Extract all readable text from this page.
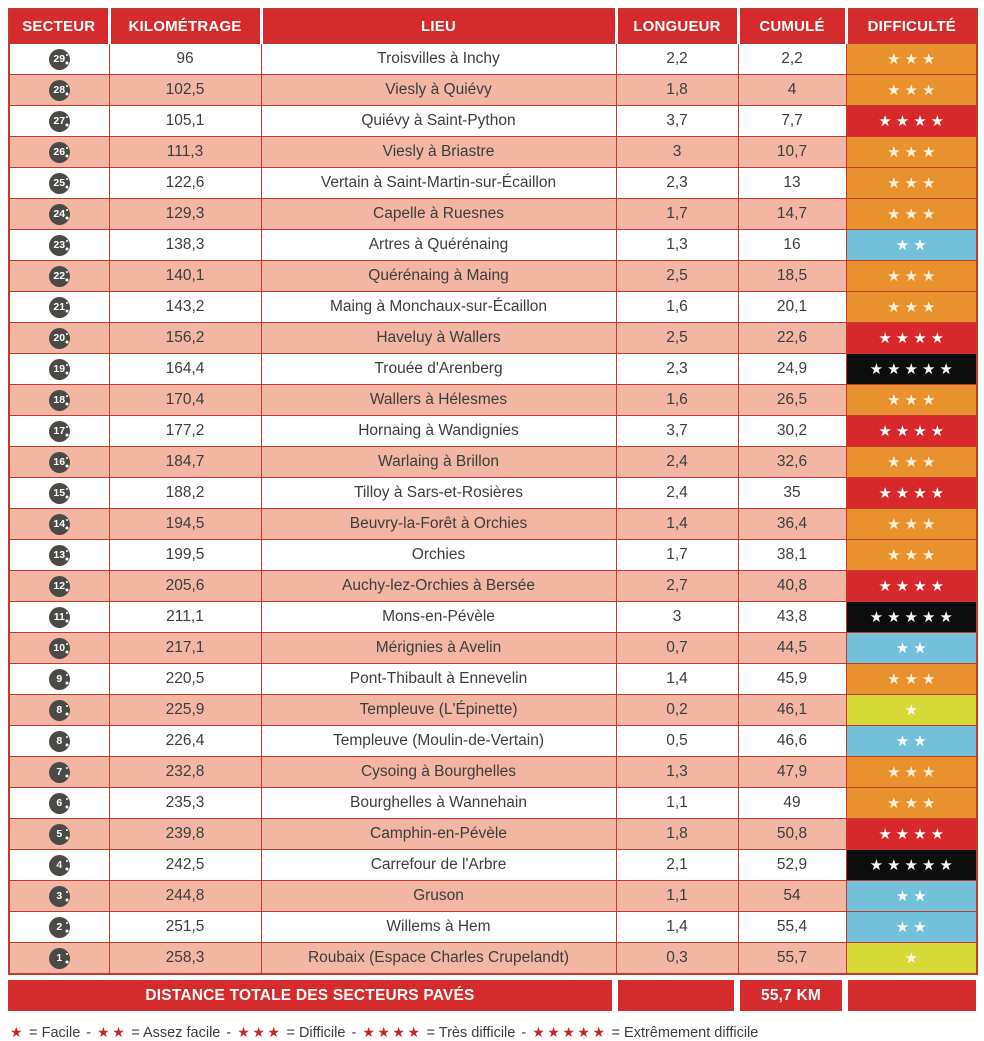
SECTEUR	KILOMÉTRAGE	LIEU	LONGUEUR	CUMULÉ	DIFFICULTÉ
29	96	Troisvilles à Inchy	2,2	2,2	★★★

28	102,5	Viesly à Quiévy	1,8	4	★★★

27	105,1	Quiévy à Saint-Python	3,7	7,7	★★★★

26	111,3	Viesly à Briastre	3	10,7	★★★

25	122,6	Vertain à Saint-Martin-sur-Écaillon	2,3	13	★★★

24	129,3	Capelle à Ruesnes	1,7	14,7	★★★

23	138,3	Artres à Quérénaing	1,3	16	★★

22	140,1	Quérénaing à Maing	2,5	18,5	★★★

21	143,2	Maing à Monchaux-sur-Écaillon	1,6	20,1	★★★

20	156,2	Haveluy à Wallers	2,5	22,6	★★★★

19	164,4	Trouée d'Arenberg	2,3	24,9	★★★★★

18	170,4	Wallers à Hélesmes	1,6	26,5	★★★

17	177,2	Hornaing à Wandignies	3,7	30,2	★★★★

16	184,7	Warlaing à Brillon	2,4	32,6	★★★

15	188,2	Tilloy à Sars-et-Rosières	2,4	35	★★★★

14	194,5	Beuvry-la-Forêt à Orchies	1,4	36,4	★★★

13	199,5	Orchies	1,7	38,1	★★★

12	205,6	Auchy-lez-Orchies à Bersée	2,7	40,8	★★★★

11	211,1	Mons-en-Pévèle	3	43,8	★★★★★

10	217,1	Mérignies à Avelin	0,7	44,5	★★

9	220,5	Pont-Thibault à Ennevelin	1,4	45,9	★★★

8	225,9	Templeuve (L'Épinette)	0,2	46,1	★

8	226,4	Templeuve (Moulin-de-Vertain)	0,5	46,6	★★

7	232,8	Cysoing à Bourghelles	1,3	47,9	★★★

6	235,3	Bourghelles à Wannehain	1,1	49	★★★

5	239,8	Camphin-en-Pévèle	1,8	50,8	★★★★

4	242,5	Carrefour de l'Arbre	2,1	52,9	★★★★★

3	244,8	Gruson	1,1	54	★★

2	251,5	Willems à Hem	1,4	55,4	★★

1	258,3	Roubaix (Espace Charles Crupelandt)	0,3	55,7	★
DISTANCE TOTALE DES SECTEURS PAVÉS	55,7 KM
★ = Facile - ★★ = Assez facile - ★★★ = Difficile - ★★★★ = Très difficile - ★★★★★ = Extrêmement difficile
